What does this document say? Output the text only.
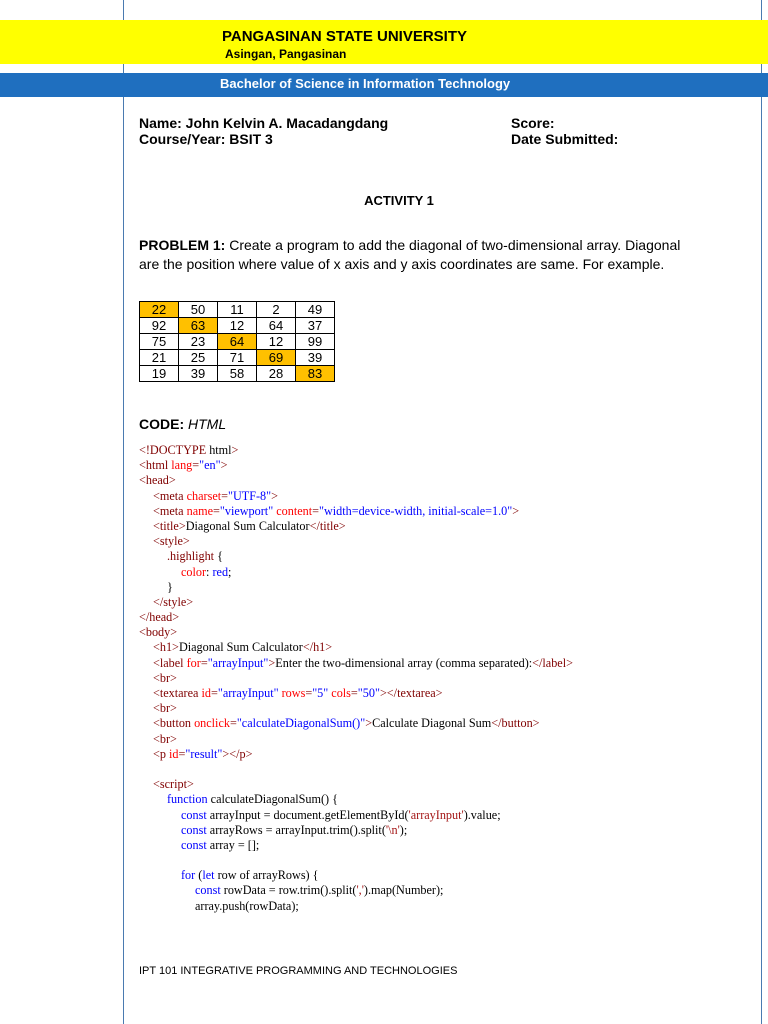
PANGASINAN STATE UNIVERSITY
Asingan, Pangasinan
Bachelor of Science in Information Technology
Name: John Kelvin A. Macadangdang
Course/Year: BSIT 3
Score:
Date Submitted:
ACTIVITY 1
PROBLEM 1: Create a program to add the diagonal of two-dimensional array. Diagonal are the position where value of x axis and y axis coordinates are same. For example.
22	50	11	2	49
92	63	12	64	37
75	23	64	12	99
21	25	71	69	39
19	39	58	28	83
CODE: HTML
<!DOCTYPE html>
<html lang="en">
<head>
<meta charset="UTF-8">
<meta name="viewport" content="width=device-width, initial-scale=1.0">
<title>Diagonal Sum Calculator</title>
<style>
.highlight {
color: red;
}
</style>
</head>
<body>
<h1>Diagonal Sum Calculator</h1>
<label for="arrayInput">Enter the two-dimensional array (comma separated):</label>
<br>
<textarea id="arrayInput" rows="5" cols="50"></textarea>
<br>
<button onclick="calculateDiagonalSum()">Calculate Diagonal Sum</button>
<br>
<p id="result"></p>

<script>
function calculateDiagonalSum() {
const arrayInput = document.getElementById('arrayInput').value;
const arrayRows = arrayInput.trim().split('\n');
const array = [];

for (let row of arrayRows) {
const rowData = row.trim().split(',').map(Number);
array.push(rowData);
IPT 101 INTEGRATIVE PROGRAMMING AND TECHNOLOGIES
